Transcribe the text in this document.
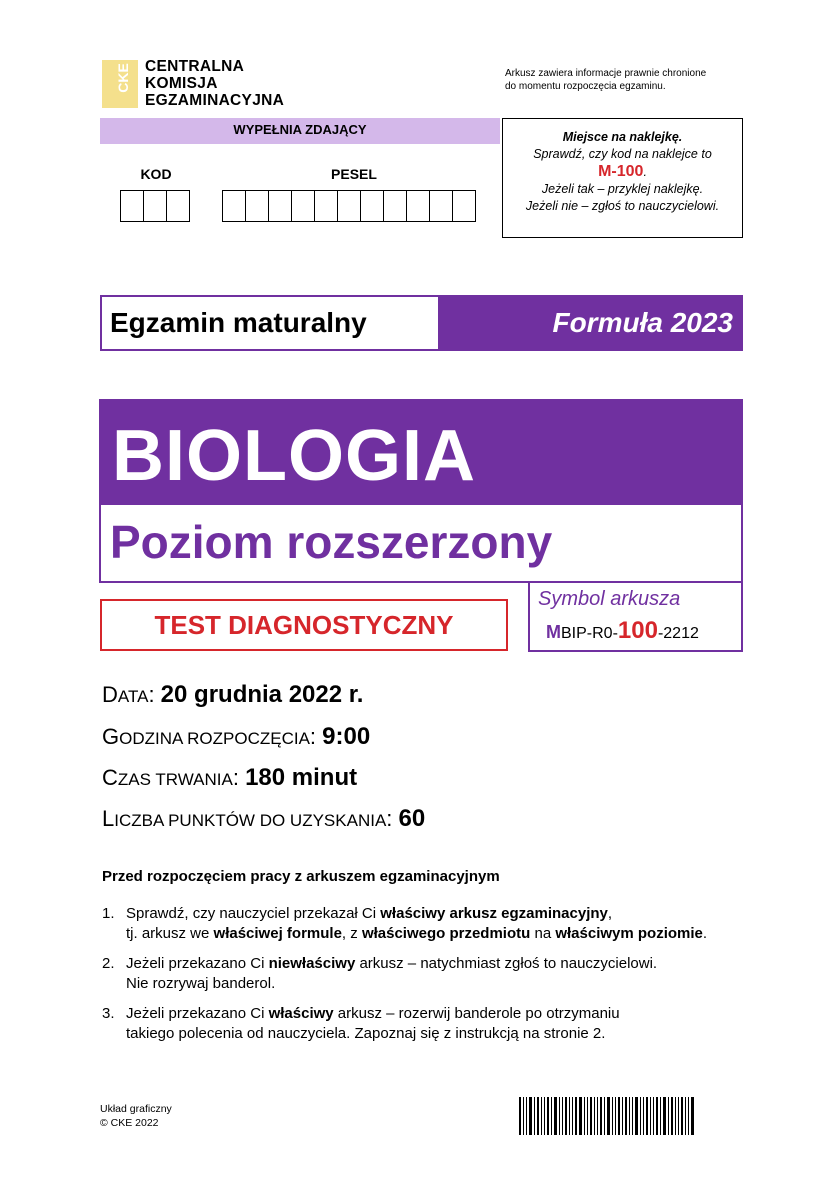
CKE CENTRALNA
KOMISJA
EGZAMINACYJNA
Arkusz zawiera informacje prawnie chronione
do momentu rozpoczęcia egzaminu.
WYPEŁNIA ZDAJĄCY
KOD	PESEL
Miejsce na naklejkę.
Sprawdź, czy kod na naklejce to
M-100.
Jeżeli tak – przyklej naklejkę.
Jeżeli nie – zgłoś to nauczycielowi.
Egzamin maturalny	Formuła 2023
BIOLOGIA
Poziom rozszerzony
TEST DIAGNOSTYCZNY
Symbol arkusza
MBIP-R0-100-2212
DATA: 20 grudnia 2022 r.
GODZINA ROZPOCZĘCIA: 9:00
CZAS TRWANIA: 180 minut
LICZBA PUNKTÓW DO UZYSKANIA: 60
Przed rozpoczęciem pracy z arkuszem egzaminacyjnym
1. Sprawdź, czy nauczyciel przekazał Ci właściwy arkusz egzaminacyjny,
tj. arkusz we właściwej formule, z właściwego przedmiotu na właściwym poziomie.
2. Jeżeli przekazano Ci niewłaściwy arkusz – natychmiast zgłoś to nauczycielowi.
Nie rozrywaj banderol.
3. Jeżeli przekazano Ci właściwy arkusz – rozerwij banderole po otrzymaniu
takiego polecenia od nauczyciela. Zapoznaj się z instrukcją na stronie 2.
Układ graficzny
© CKE 2022
